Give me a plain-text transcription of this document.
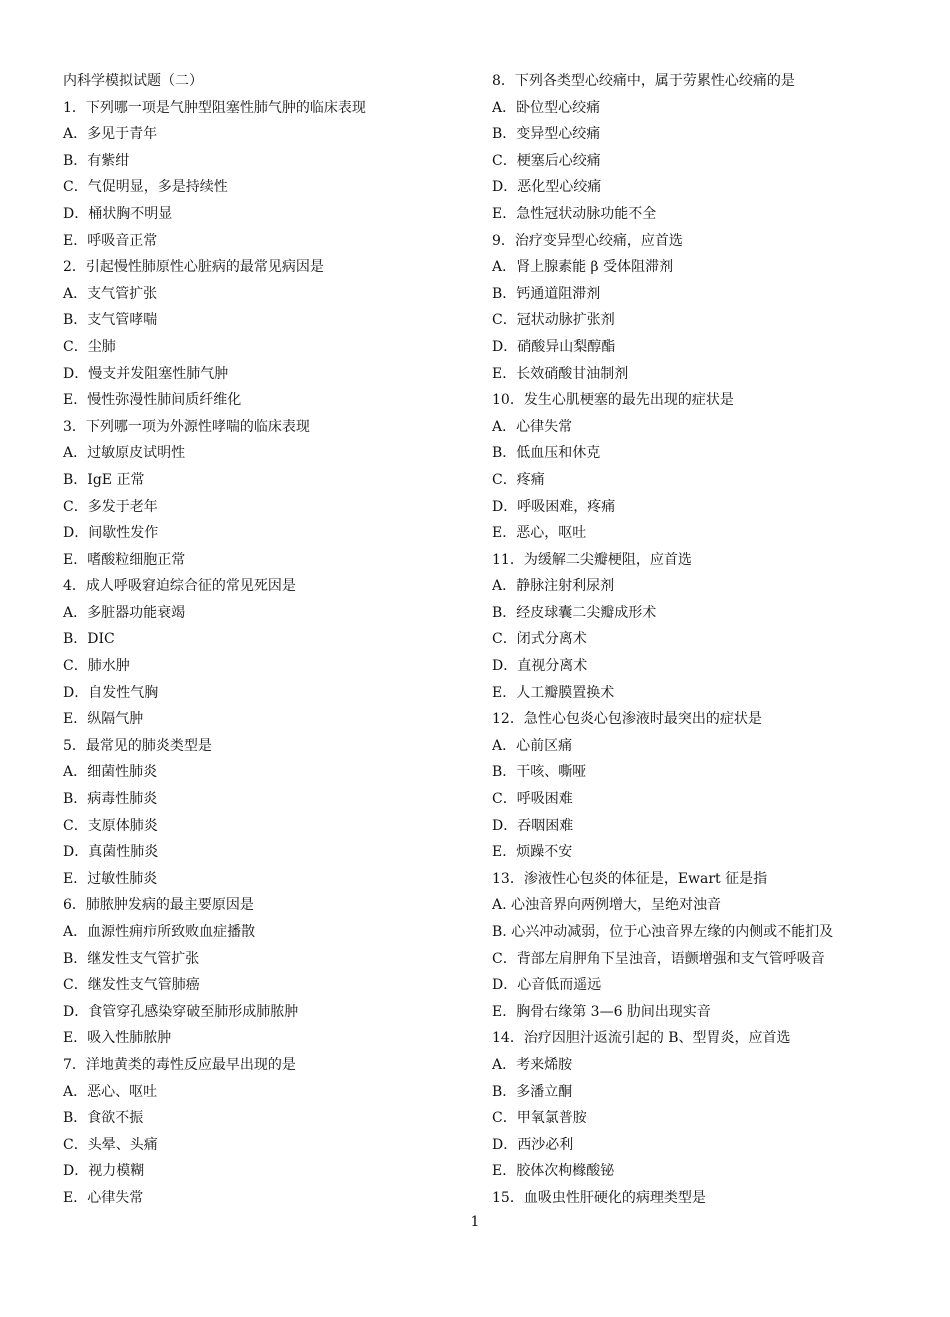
内科学模拟试题（二）
1．下列哪一项是气肿型阻塞性肺气肿的临床表现
A．多见于青年
B．有紫绀
C．气促明显，多是持续性
D．桶状胸不明显
E．呼吸音正常
2．引起慢性肺原性心脏病的最常见病因是
A．支气管扩张
B．支气管哮喘
C．尘肺
D．慢支并发阻塞性肺气肿
E．慢性弥漫性肺间质纤维化
3．下列哪一项为外源性哮喘的临床表现
A．过敏原皮试明性
B．IgE 正常
C．多发于老年
D．间歇性发作
E．嗜酸粒细胞正常
4．成人呼吸窘迫综合征的常见死因是
A．多脏器功能衰竭
B．DIC
C．肺水肿
D．自发性气胸
E．纵隔气肿
5．最常见的肺炎类型是
A．细菌性肺炎
B．病毒性肺炎
C．支原体肺炎
D．真菌性肺炎
E．过敏性肺炎
6．肺脓肿发病的最主要原因是
A．血源性痈疖所致败血症播散
B．继发性支气管扩张
C．继发性支气管肺癌
D．食管穿孔感染穿破至肺形成肺脓肿
E．吸入性肺脓肿
7．洋地黄类的毒性反应最早出现的是
A．恶心、呕吐
B．食欲不振
C．头晕、头痛
D．视力模糊
E．心律失常
8．下列各类型心绞痛中，属于劳累性心绞痛的是
A．卧位型心绞痛
B．变异型心绞痛
C．梗塞后心绞痛
D．恶化型心绞痛
E．急性冠状动脉功能不全
9．治疗变异型心绞痛，应首选
A．肾上腺素能 β 受体阻滞剂
B．钙通道阻滞剂
C．冠状动脉扩张剂
D．硝酸异山梨醇酯
E．长效硝酸甘油制剂
10．发生心肌梗塞的最先出现的症状是
A．心律失常
B．低血压和休克
C．疼痛
D．呼吸困难，疼痛
E．恶心，呕吐
11．为缓解二尖瓣梗阻，应首选
A．静脉注射利尿剂
B．经皮球囊二尖瓣成形术
C．闭式分离术
D．直视分离术
E．人工瓣膜置换术
12．急性心包炎心包渗液时最突出的症状是
A．心前区痛
B．干咳、嘶哑
C．呼吸困难
D．吞咽困难
E．烦躁不安
13．渗液性心包炎的体征是，Ewart 征是指
A. 心浊音界向两例增大，呈绝对浊音
B. 心兴冲动减弱，位于心浊音界左缘的内侧或不能扪及
C．背部左肩胛角下呈浊音，语颤增强和支气管呼吸音
D．心音低而遥远
E．胸骨右缘第 3—6 肋间出现实音
14．治疗因胆汁返流引起的 B、型胃炎，应首选
A．考来烯胺
B．多潘立酮
C．甲氧氯普胺
D．西沙必利
E．胶体次枸橼酸铋
15．血吸虫性肝硬化的病理类型是
1
